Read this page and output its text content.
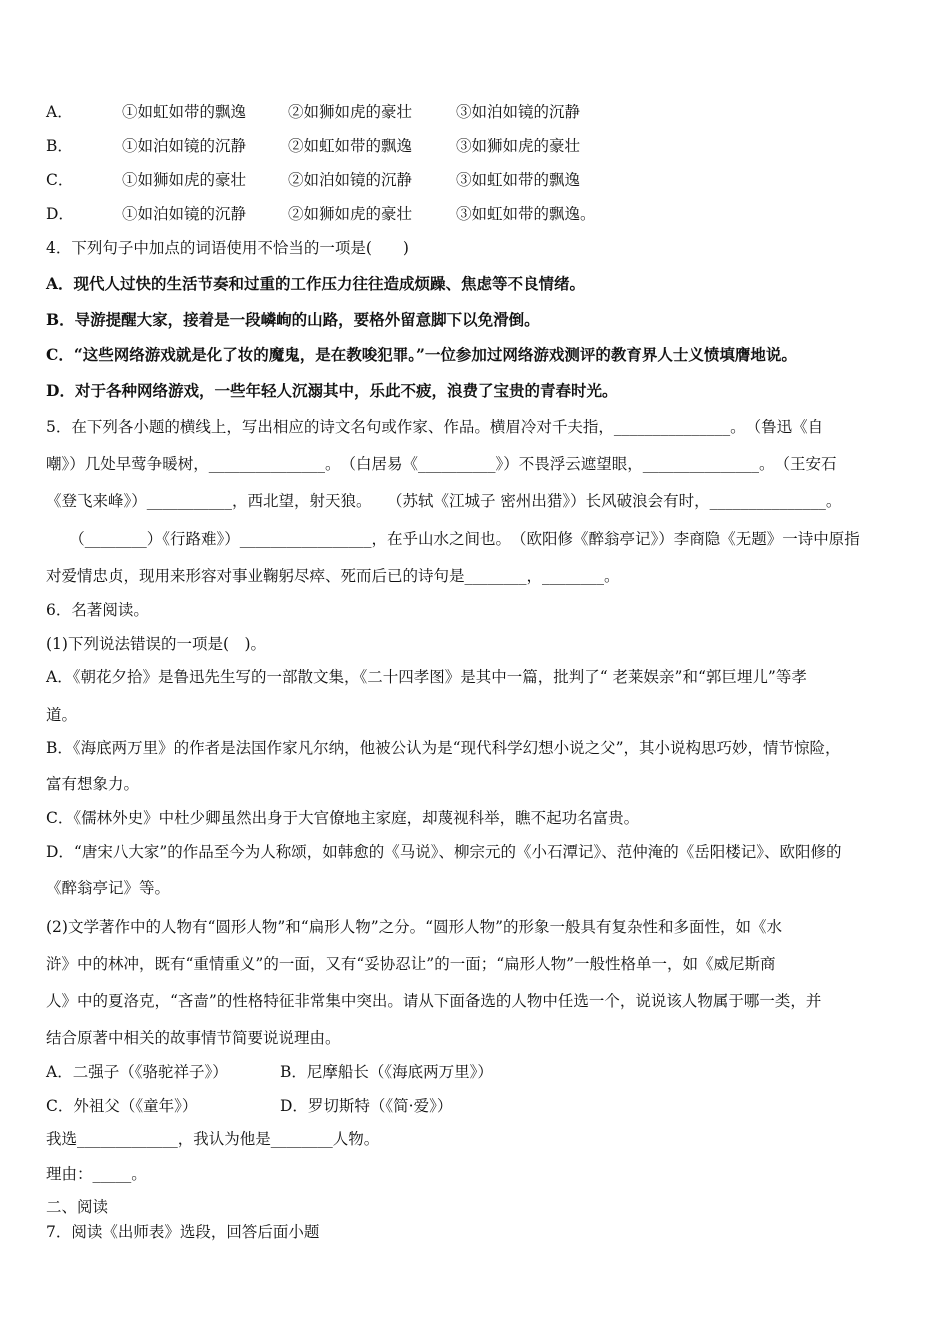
A．	①如虹如带的飘逸	②如狮如虎的豪壮	③如泊如镜的沉静
B．	①如泊如镜的沉静	②如虹如带的飘逸	③如狮如虎的豪壮
C．	①如狮如虎的豪壮	②如泊如镜的沉静	③如虹如带的飘逸
D．	①如泊如镜的沉静	②如狮如虎的豪壮	③如虹如带的飘逸。
4．下列句子中加点的词语使用不恰当的一项是(　　)
A．现代人过快的生活节奏和过重的工作压力往往造成烦躁、焦虑等不良情绪。
B．导游提醒大家，接着是一段嶙峋的山路，要格外留意脚下以免滑倒。
C．“这些网络游戏就是化了妆的魔鬼，是在教唆犯罪。”一位参加过网络游戏测评的教育界人士义愤填膺地说。
D．对于各种网络游戏，一些年轻人沉溺其中，乐此不疲，浪费了宝贵的青春时光。
5．在下列各小题的横线上，写出相应的诗文名句或作家、作品。横眉冷对千夫指，_______________。　（鲁迅《自
嘲》）几处早莺争暖树，_______________。　（白居易《__________》）不畏浮云遮望眼，_______________。　（王安石
《登飞来峰》）___________，西北望，射天狼。　　（苏轼《江城子 密州出猎》）长风破浪会有时，_______________。
　　（________）《行路难》）_________________，在乎山水之间也。　（欧阳修《醉翁亭记》）李商隐《无题》一诗中原指
对爱情忠贞，现用来形容对事业鞠躬尽瘁、死而后已的诗句是________，________。
6．名著阅读。
(1)下列说法错误的一项是(　)。
A．《朝花夕拾》是鲁迅先生写的一部散文集，《二十四孝图》是其中一篇，批判了“ 老莱娱亲”和“郭巨埋儿”等孝
道。
B．《海底两万里》的作者是法国作家凡尔纳，他被公认为是“现代科学幻想小说之父”，其小说构思巧妙，情节惊险，
富有想象力。
C．《儒林外史》中杜少卿虽然出身于大官僚地主家庭，却蔑视科举，瞧不起功名富贵。
D．“唐宋八大家”的作品至今为人称颂，如韩愈的《马说》、柳宗元的《小石潭记》、范仲淹的《岳阳楼记》、欧阳修的
《醉翁亭记》等。
(2)文学著作中的人物有“圆形人物”和“扁形人物”之分。“圆形人物”的形象一般具有复杂性和多面性，如《水
浒》中的林冲，既有“重情重义”的一面，又有“妥协忍让”的一面；“扁形人物”一般性格单一，如《威尼斯商
人》中的夏洛克，“吝啬”的性格特征非常集中突出。请从下面备选的人物中任选一个，说说该人物属于哪一类，并
结合原著中相关的故事情节简要说说理由。
A．二强子（《骆驼祥子》）	B．尼摩船长（《海底两万里》）
C．外祖父（《童年》）	D．罗切斯特（《简·爱》）
我选_____________，我认为他是________人物。
理由：_____。
二、阅读
7．阅读《出师表》选段，回答后面小题
